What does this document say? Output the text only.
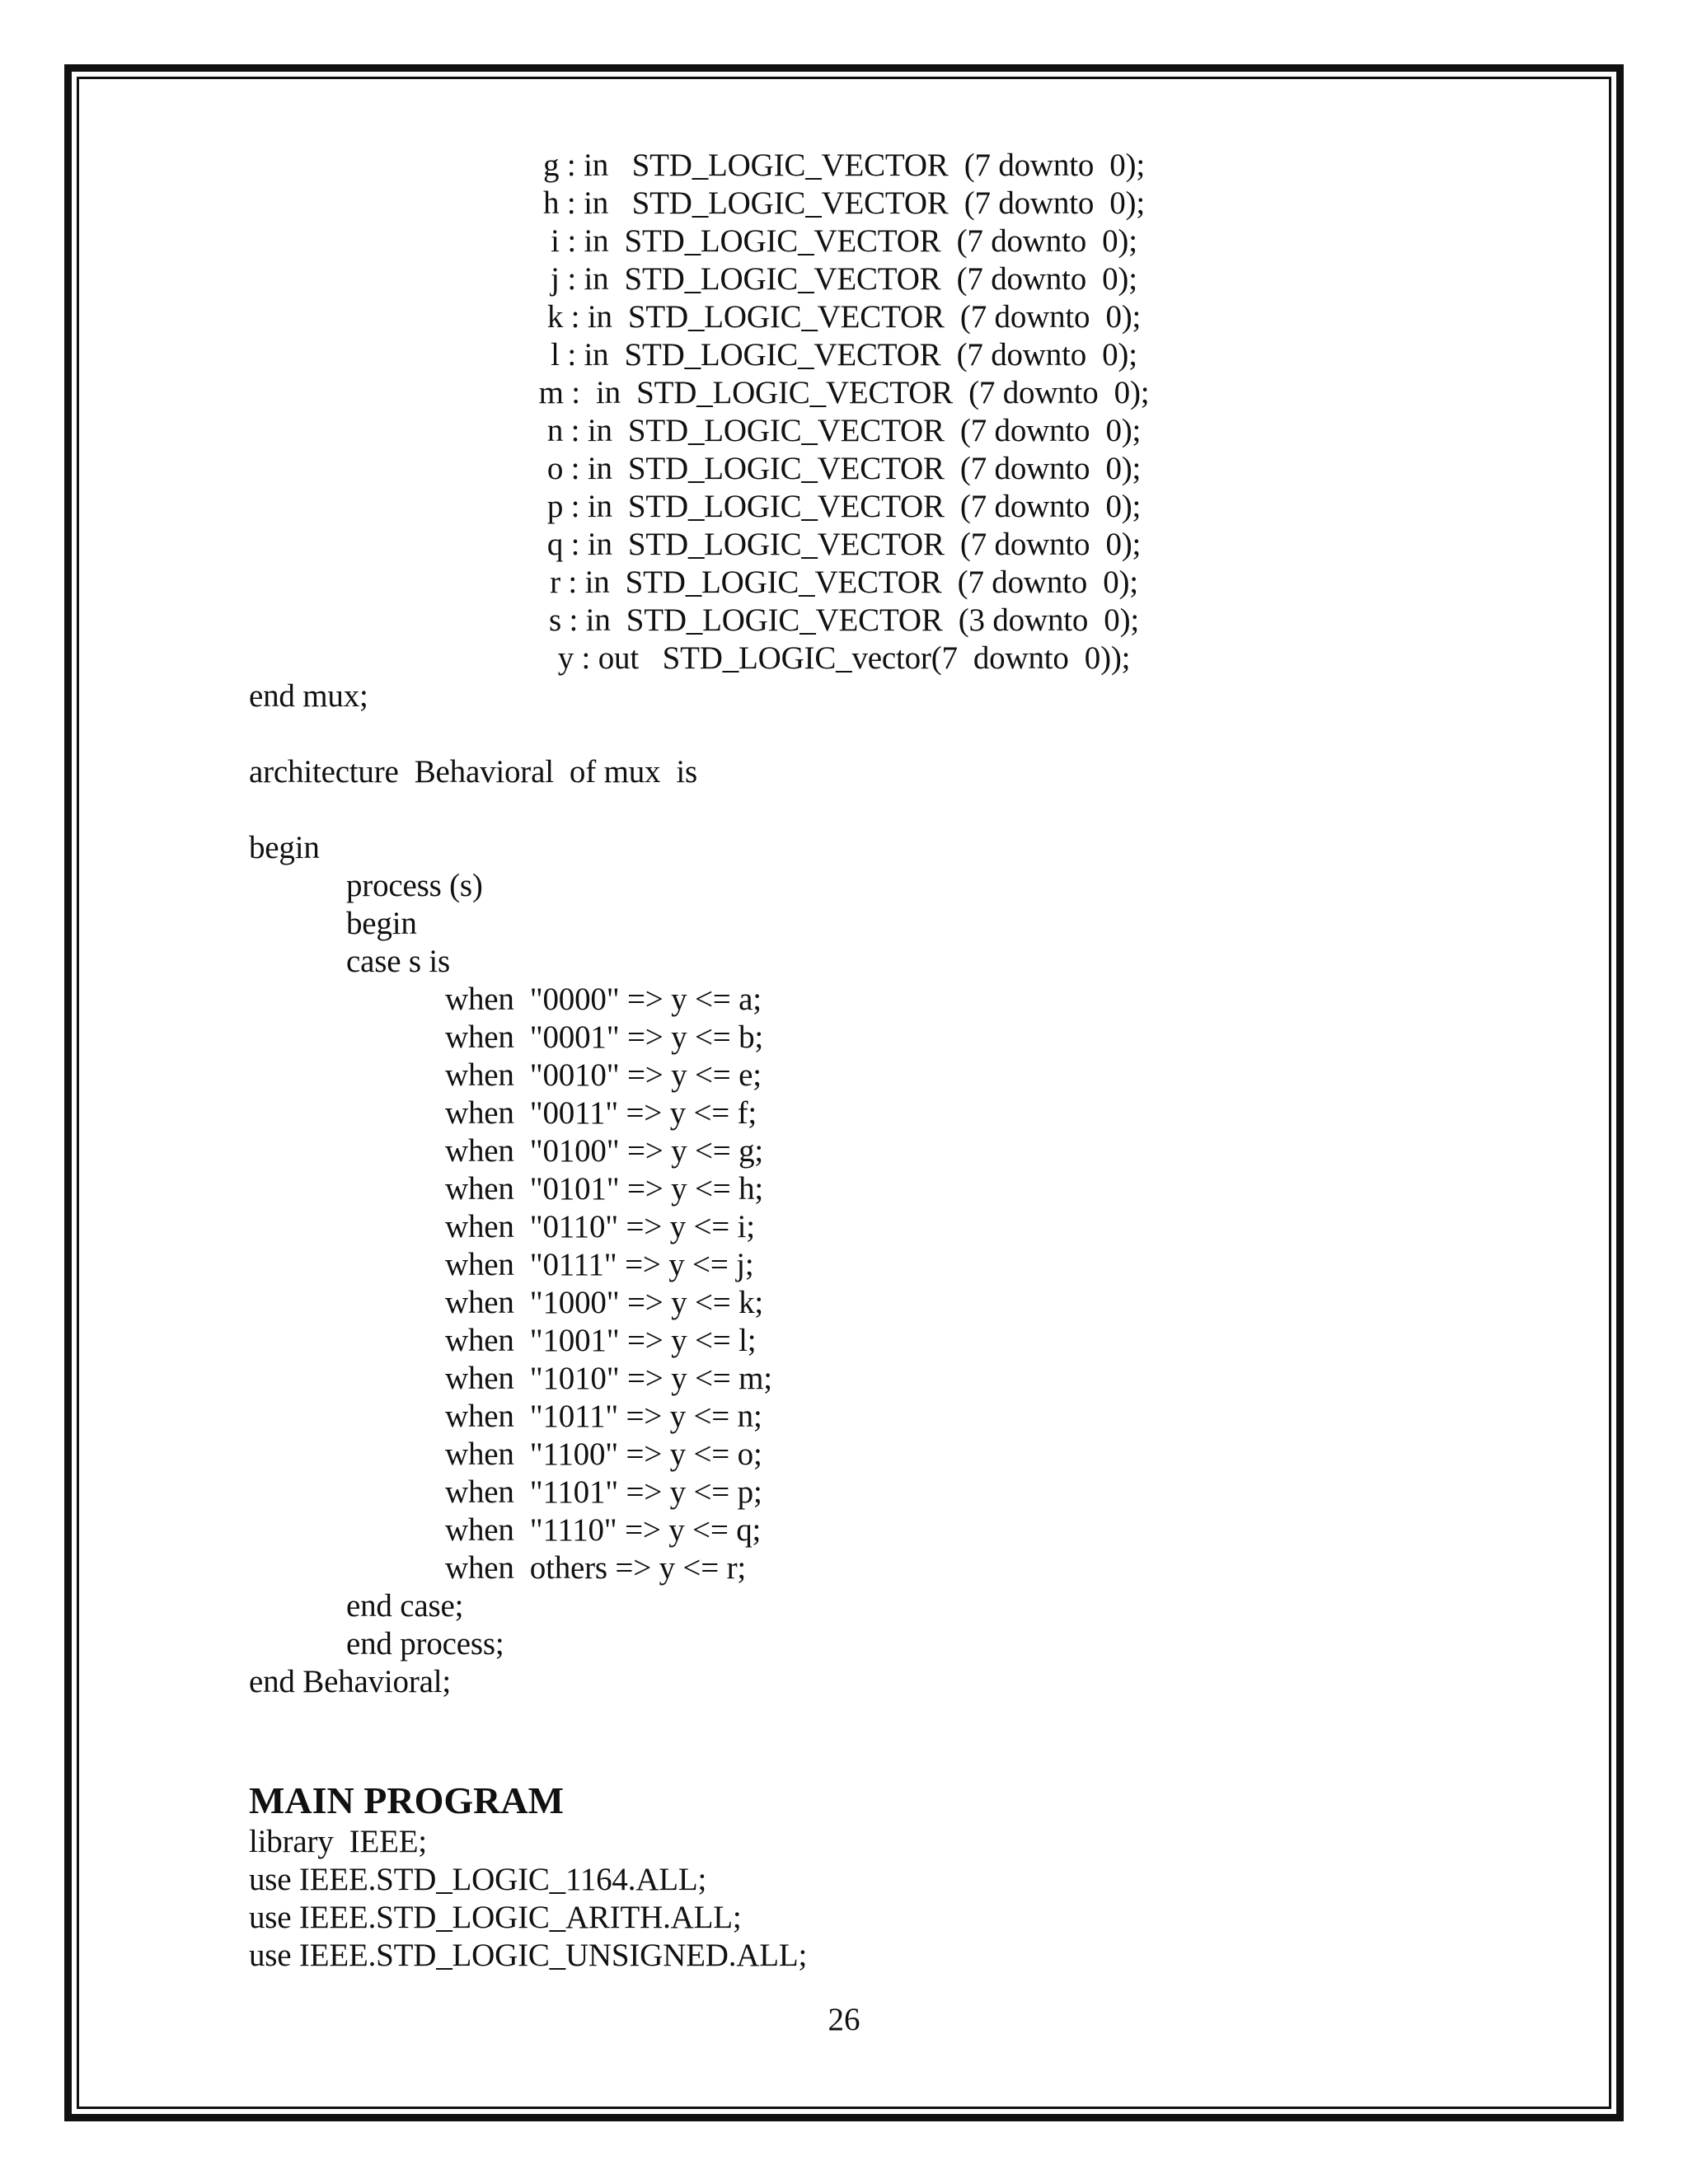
g : in   STD_LOGIC_VECTOR  (7 downto  0);
h : in   STD_LOGIC_VECTOR  (7 downto  0);
i : in  STD_LOGIC_VECTOR  (7 downto  0);
j : in  STD_LOGIC_VECTOR  (7 downto  0);
k : in  STD_LOGIC_VECTOR  (7 downto  0);
l : in  STD_LOGIC_VECTOR  (7 downto  0);
m :  in  STD_LOGIC_VECTOR  (7 downto  0);
n : in  STD_LOGIC_VECTOR  (7 downto  0);
o : in  STD_LOGIC_VECTOR  (7 downto  0);
p : in  STD_LOGIC_VECTOR  (7 downto  0);
q : in  STD_LOGIC_VECTOR  (7 downto  0);
r : in  STD_LOGIC_VECTOR  (7 downto  0);
s : in  STD_LOGIC_VECTOR  (3 downto  0);
y : out   STD_LOGIC_vector(7  downto  0));
end mux;
architecture  Behavioral  of mux  is
begin
process (s)
begin
case s is
when  "0000" => y <= a;
when  "0001" => y <= b;
when  "0010" => y <= e;
when  "0011" => y <= f;
when  "0100" => y <= g;
when  "0101" => y <= h;
when  "0110" => y <= i;
when  "0111" => y <= j;
when  "1000" => y <= k;
when  "1001" => y <= l;
when  "1010" => y <= m;
when  "1011" => y <= n;
when  "1100" => y <= o;
when  "1101" => y <= p;
when  "1110" => y <= q;
when  others => y <= r;
end case;
end process;
end Behavioral;
MAIN PROGRAM
library  IEEE;
use IEEE.STD_LOGIC_1164.ALL;
use IEEE.STD_LOGIC_ARITH.ALL;
use IEEE.STD_LOGIC_UNSIGNED.ALL;
26
